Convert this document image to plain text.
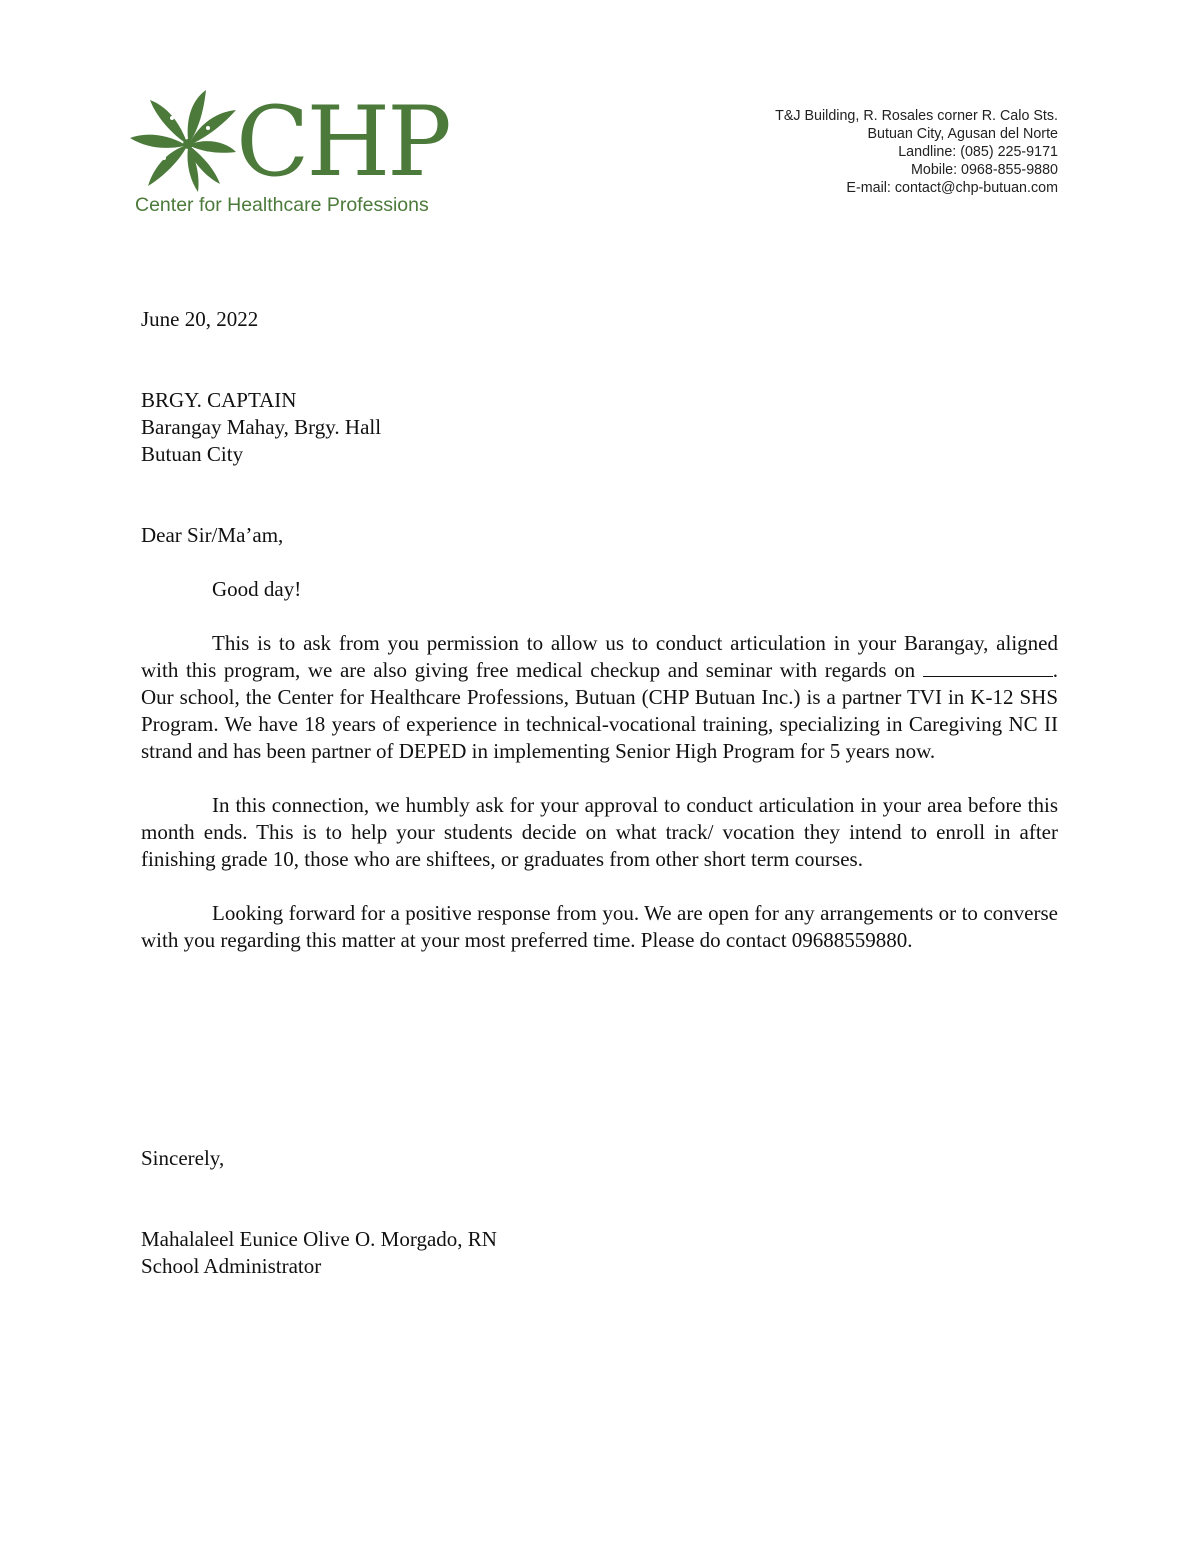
CHP
Center for Healthcare Professions
T&J Building, R. Rosales corner R. Calo Sts.
Butuan City, Agusan del Norte
Landline: (085) 225-9171
Mobile: 0968-855-9880
E-mail: contact@chp-butuan.com
June 20, 2022
BRGY. CAPTAIN
Barangay Mahay, Brgy. Hall
Butuan City
Dear Sir/Ma’am,

Good day!

This is to ask from you permission to allow us to conduct articulation in your Barangay, aligned with this program, we are also giving free medical checkup and seminar with regards on	. Our school, the Center for Healthcare Professions, Butuan (CHP Butuan Inc.) is a partner TVI in K-12 SHS Program. We have 18 years of experience in technical-vocational training, specializing in Caregiving NC II strand and has been partner of DEPED in implementing Senior High Program for 5 years now.

In this connection, we humbly ask for your approval to conduct articulation in your area before this month ends. This is to help your students decide on what track/ vocation they intend to enroll in after finishing grade 10, those who are shiftees, or graduates from other short term courses.

Looking forward for a positive response from you. We are open for any arrangements or to converse with you regarding this matter at your most preferred time. Please do contact 09688559880.

Sincerely,
Mahalaleel Eunice Olive O. Morgado, RN
School Administrator
